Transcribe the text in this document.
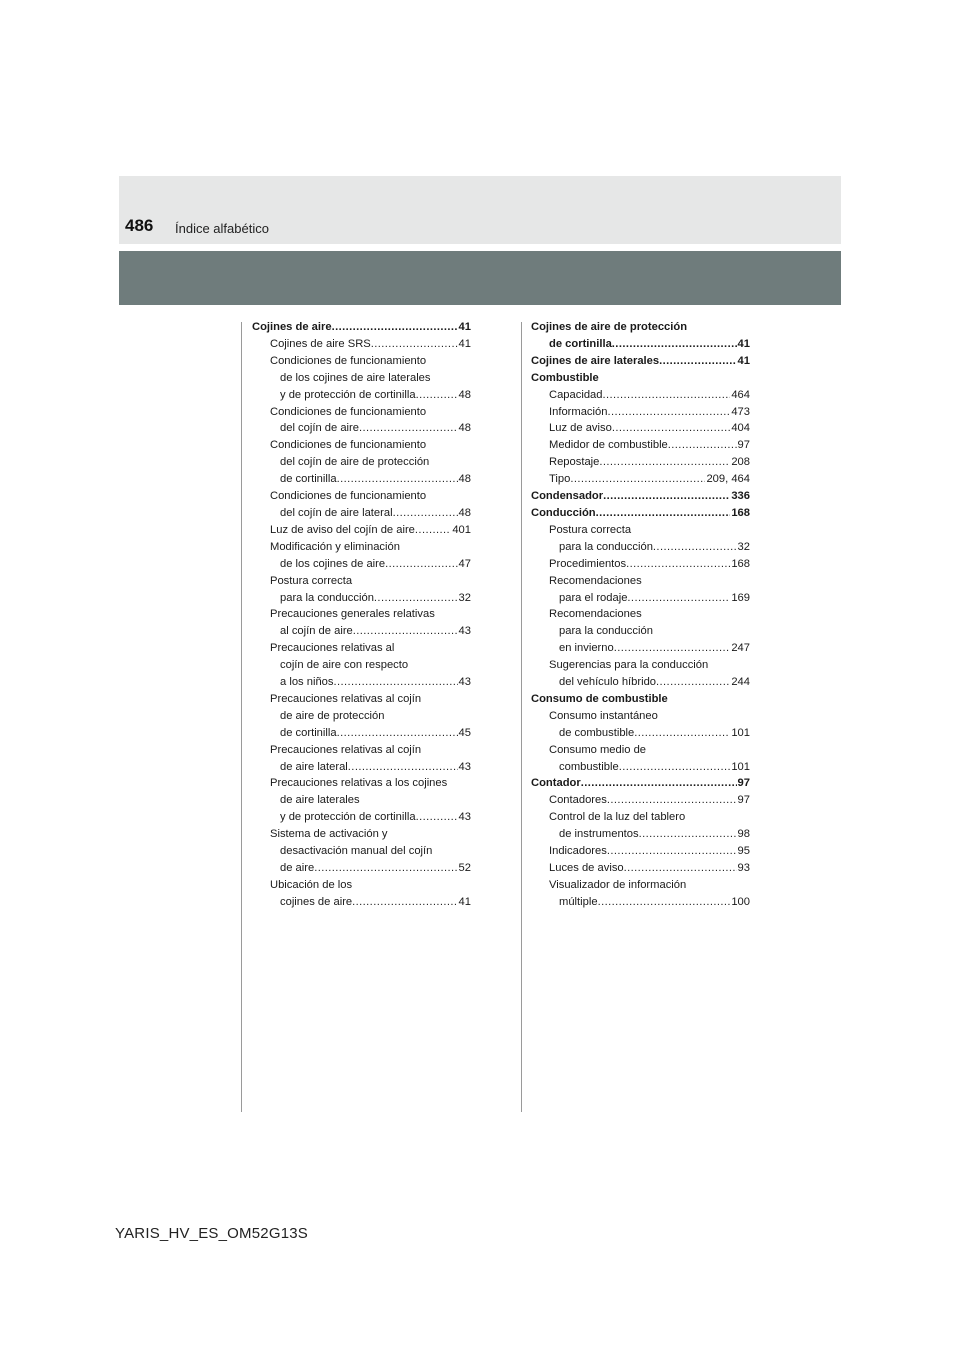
486 Índice alfabético
Cojines de aire .....	41
Cojines de aire SRS .....	41
Condiciones de funcionamiento
de los cojines de aire laterales
y de protección de cortinilla .....	48
Condiciones de funcionamiento
del cojín de aire .....	48
Condiciones de funcionamiento
del cojín de aire de protección
de cortinilla .....	48
Condiciones de funcionamiento
del cojín de aire lateral .....	48
Luz de aviso del cojín de aire .....	401
Modificación y eliminación
de los cojines de aire .....	47
Postura correcta
para la conducción .....	32
Precauciones generales relativas
al cojín de aire .....	43
Precauciones relativas al
cojín de aire con respecto
a los niños .....	43
Precauciones relativas al cojín
de aire de protección
de cortinilla .....	45
Precauciones relativas al cojín
de aire lateral .....	43
Precauciones relativas a los cojines
de aire laterales
y de protección de cortinilla .....	43
Sistema de activación y
desactivación manual del cojín
de aire .....	52
Ubicación de los
cojines de aire .....	41
Cojines de aire de protección
de cortinilla .....	41
Cojines de aire laterales .....	41
Combustible
Capacidad .....	464
Información .....	473
Luz de aviso .....	404
Medidor de combustible .....	97
Repostaje .....	208
Tipo .....	209, 464
Condensador .....	336
Conducción .....	168
Postura correcta
para la conducción .....	32
Procedimientos .....	168
Recomendaciones
para el rodaje .....	169
Recomendaciones
para la conducción
en invierno .....	247
Sugerencias para la conducción
del vehículo híbrido .....	244
Consumo de combustible
Consumo instantáneo
de combustible .....	101
Consumo medio de
combustible .....	101
Contador .....	97
Contadores .....	97
Control de la luz del tablero
de instrumentos .....	98
Indicadores .....	95
Luces de aviso .....	93
Visualizador de información
múltiple .....	100
YARIS_HV_ES_OM52G13S
